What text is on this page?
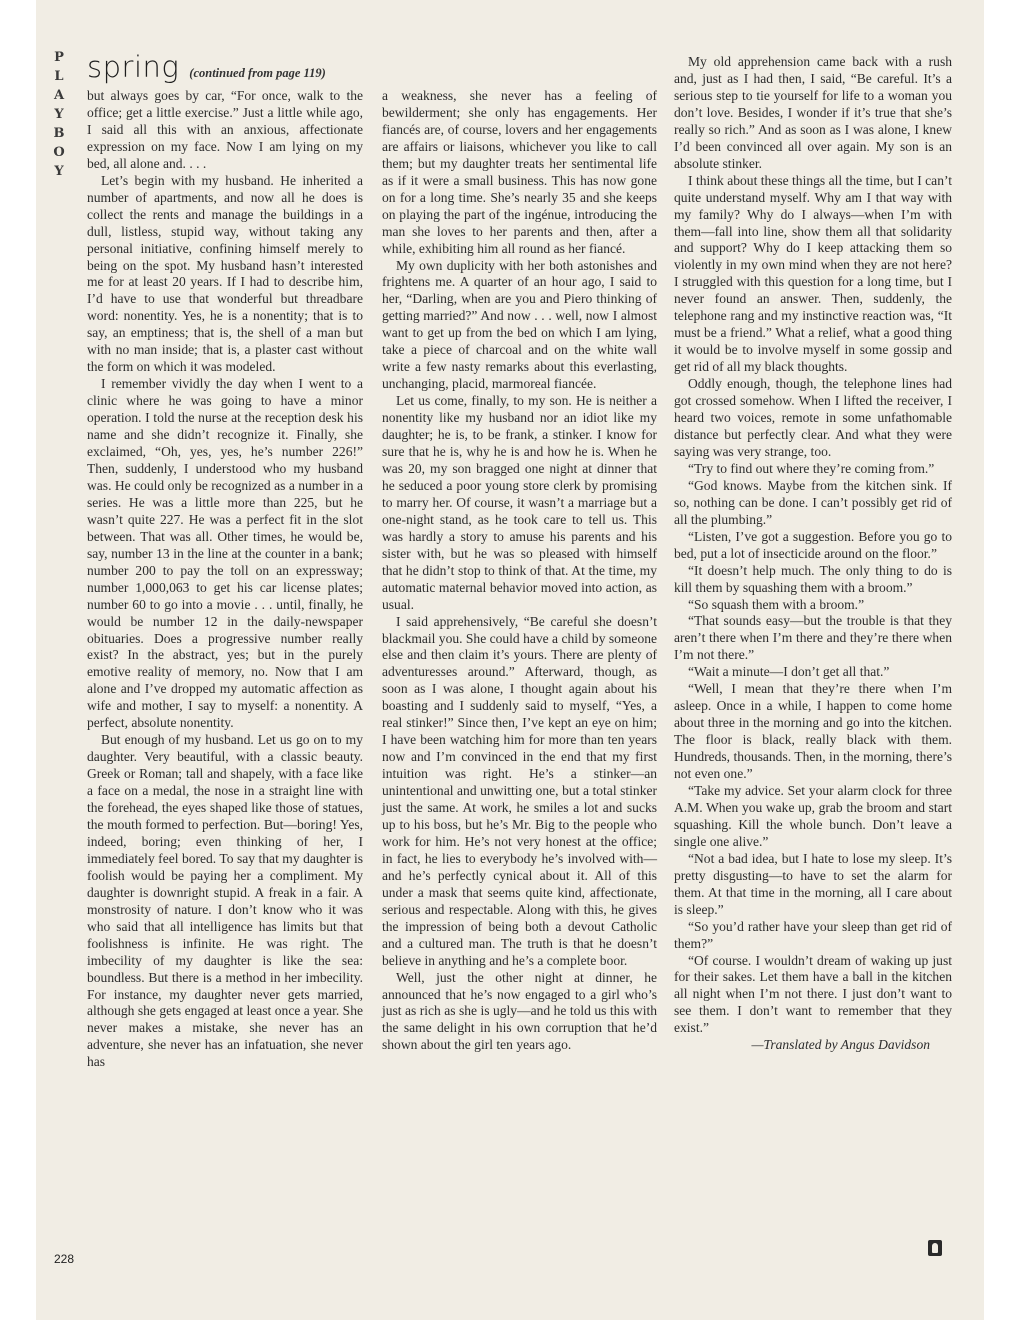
P
L
A
Y
B
O
Y
spring (continued from page 119)

but always goes by car, “For once, walk to the office; get a little exercise.” Just a little while ago, I said all this with an anxious, affectionate expression on my face. Now I am lying on my bed, all alone and. . . .

Let’s begin with my husband. He inherited a number of apartments, and now all he does is collect the rents and manage the buildings in a dull, listless, stupid way, without taking any personal initiative, confining himself merely to being on the spot. My husband hasn’t interested me for at least 20 years. If I had to describe him, I’d have to use that wonderful but threadbare word: nonentity. Yes, he is a nonentity; that is to say, an emptiness; that is, the shell of a man but with no man inside; that is, a plaster cast without the form on which it was modeled.

I remember vividly the day when I went to a clinic where he was going to have a minor operation. I told the nurse at the reception desk his name and she didn’t recognize it. Finally, she exclaimed, “Oh, yes, yes, he’s number 226!” Then, suddenly, I understood who my husband was. He could only be recognized as a number in a series. He was a little more than 225, but he wasn’t quite 227. He was a perfect fit in the slot between. That was all. Other times, he would be, say, number 13 in the line at the counter in a bank; number 200 to pay the toll on an expressway; number 1,000,063 to get his car license plates; number 60 to go into a movie . . . until, finally, he would be number 12 in the daily-newspaper obituaries. Does a progressive number really exist? In the abstract, yes; but in the purely emotive reality of memory, no. Now that I am alone and I’ve dropped my automatic affection as wife and mother, I say to myself: a nonentity. A perfect, absolute nonentity.

But enough of my husband. Let us go on to my daughter. Very beautiful, with a classic beauty. Greek or Roman; tall and shapely, with a face like a face on a medal, the nose in a straight line with the forehead, the eyes shaped like those of statues, the mouth formed to perfection. But—boring! Yes, indeed, boring; even thinking of her, I immediately feel bored. To say that my daughter is foolish would be paying her a compliment. My daughter is downright stupid. A freak in a fair. A monstrosity of nature. I don’t know who it was who said that all intelligence has limits but that foolishness is infinite. He was right. The imbecility of my daughter is like the sea: boundless. But there is a method in her imbecility. For instance, my daughter never gets married, although she gets engaged at least once a year. She never makes a mistake, she never has an adventure, she never has an infatuation, she never has

a weakness, she never has a feeling of bewilderment; she only has engagements. Her fiancés are, of course, lovers and her engagements are affairs or liaisons, whichever you like to call them; but my daughter treats her sentimental life as if it were a small business. This has now gone on for a long time. She’s nearly 35 and she keeps on playing the part of the ingénue, introducing the man she loves to her parents and then, after a while, exhibiting him all round as her fiancé.

My own duplicity with her both astonishes and frightens me. A quarter of an hour ago, I said to her, “Darling, when are you and Piero thinking of getting married?” And now . . . well, now I almost want to get up from the bed on which I am lying, take a piece of charcoal and on the white wall write a few nasty remarks about this everlasting, unchanging, placid, marmoreal fiancée.

Let us come, finally, to my son. He is neither a nonentity like my husband nor an idiot like my daughter; he is, to be frank, a stinker. I know for sure that he is, why he is and how he is. When he was 20, my son bragged one night at dinner that he seduced a poor young store clerk by promising to marry her. Of course, it wasn’t a marriage but a one-night stand, as he took care to tell us. This was hardly a story to amuse his parents and his sister with, but he was so pleased with himself that he didn’t stop to think of that. At the time, my automatic maternal behavior moved into action, as usual.

I said apprehensively, “Be careful she doesn’t blackmail you. She could have a child by someone else and then claim it’s yours. There are plenty of adventuresses around.” Afterward, though, as soon as I was alone, I thought again about his boasting and I suddenly said to myself, “Yes, a real stinker!” Since then, I’ve kept an eye on him; I have been watching him for more than ten years now and I’m convinced in the end that my first intuition was right. He’s a stinker—an unintentional and unwitting one, but a total stinker just the same. At work, he smiles a lot and sucks up to his boss, but he’s Mr. Big to the people who work for him. He’s not very honest at the office; in fact, he lies to everybody he’s involved with—and he’s perfectly cynical about it. All of this under a mask that seems quite kind, affectionate, serious and respectable. Along with this, he gives the impression of being both a devout Catholic and a cultured man. The truth is that he doesn’t believe in anything and he’s a complete boor.

Well, just the other night at dinner, he announced that he’s now engaged to a girl who’s just as rich as she is ugly—and he told us this with the same delight in his own corruption that he’d shown about the girl ten years ago.

My old apprehension came back with a rush and, just as I had then, I said, “Be careful. It’s a serious step to tie yourself for life to a woman you don’t love. Besides, I wonder if it’s true that she’s really so rich.” And as soon as I was alone, I knew I’d been convinced all over again. My son is an absolute stinker.

I think about these things all the time, but I can’t quite understand myself. Why am I that way with my family? Why do I always—when I’m with them—fall into line, show them all that solidarity and support? Why do I keep attacking them so violently in my own mind when they are not here? I struggled with this question for a long time, but I never found an answer. Then, suddenly, the telephone rang and my instinctive reaction was, “It must be a friend.” What a relief, what a good thing it would be to involve myself in some gossip and get rid of all my black thoughts.

Oddly enough, though, the telephone lines had got crossed somehow. When I lifted the receiver, I heard two voices, remote in some unfathomable distance but perfectly clear. And what they were saying was very strange, too.

“Try to find out where they’re coming from.”

“God knows. Maybe from the kitchen sink. If so, nothing can be done. I can’t possibly get rid of all the plumbing.”

“Listen, I’ve got a suggestion. Before you go to bed, put a lot of insecticide around on the floor.”

“It doesn’t help much. The only thing to do is kill them by squashing them with a broom.”

“So squash them with a broom.”

“That sounds easy—but the trouble is that they aren’t there when I’m there and they’re there when I’m not there.”

“Wait a minute—I don’t get all that.”

“Well, I mean that they’re there when I’m asleep. Once in a while, I happen to come home about three in the morning and go into the kitchen. The floor is black, really black with them. Hundreds, thousands. Then, in the morning, there’s not even one.”

“Take my advice. Set your alarm clock for three A.M. When you wake up, grab the broom and start squashing. Kill the whole bunch. Don’t leave a single one alive.”

“Not a bad idea, but I hate to lose my sleep. It’s pretty disgusting—to have to set the alarm for them. At that time in the morning, all I care about is sleep.”

“So you’d rather have your sleep than get rid of them?”

“Of course. I wouldn’t dream of waking up just for their sakes. Let them have a ball in the kitchen all night when I’m not there. I just don’t want to see them. I don’t want to remember that they exist.”

—Translated by Angus Davidson

228
